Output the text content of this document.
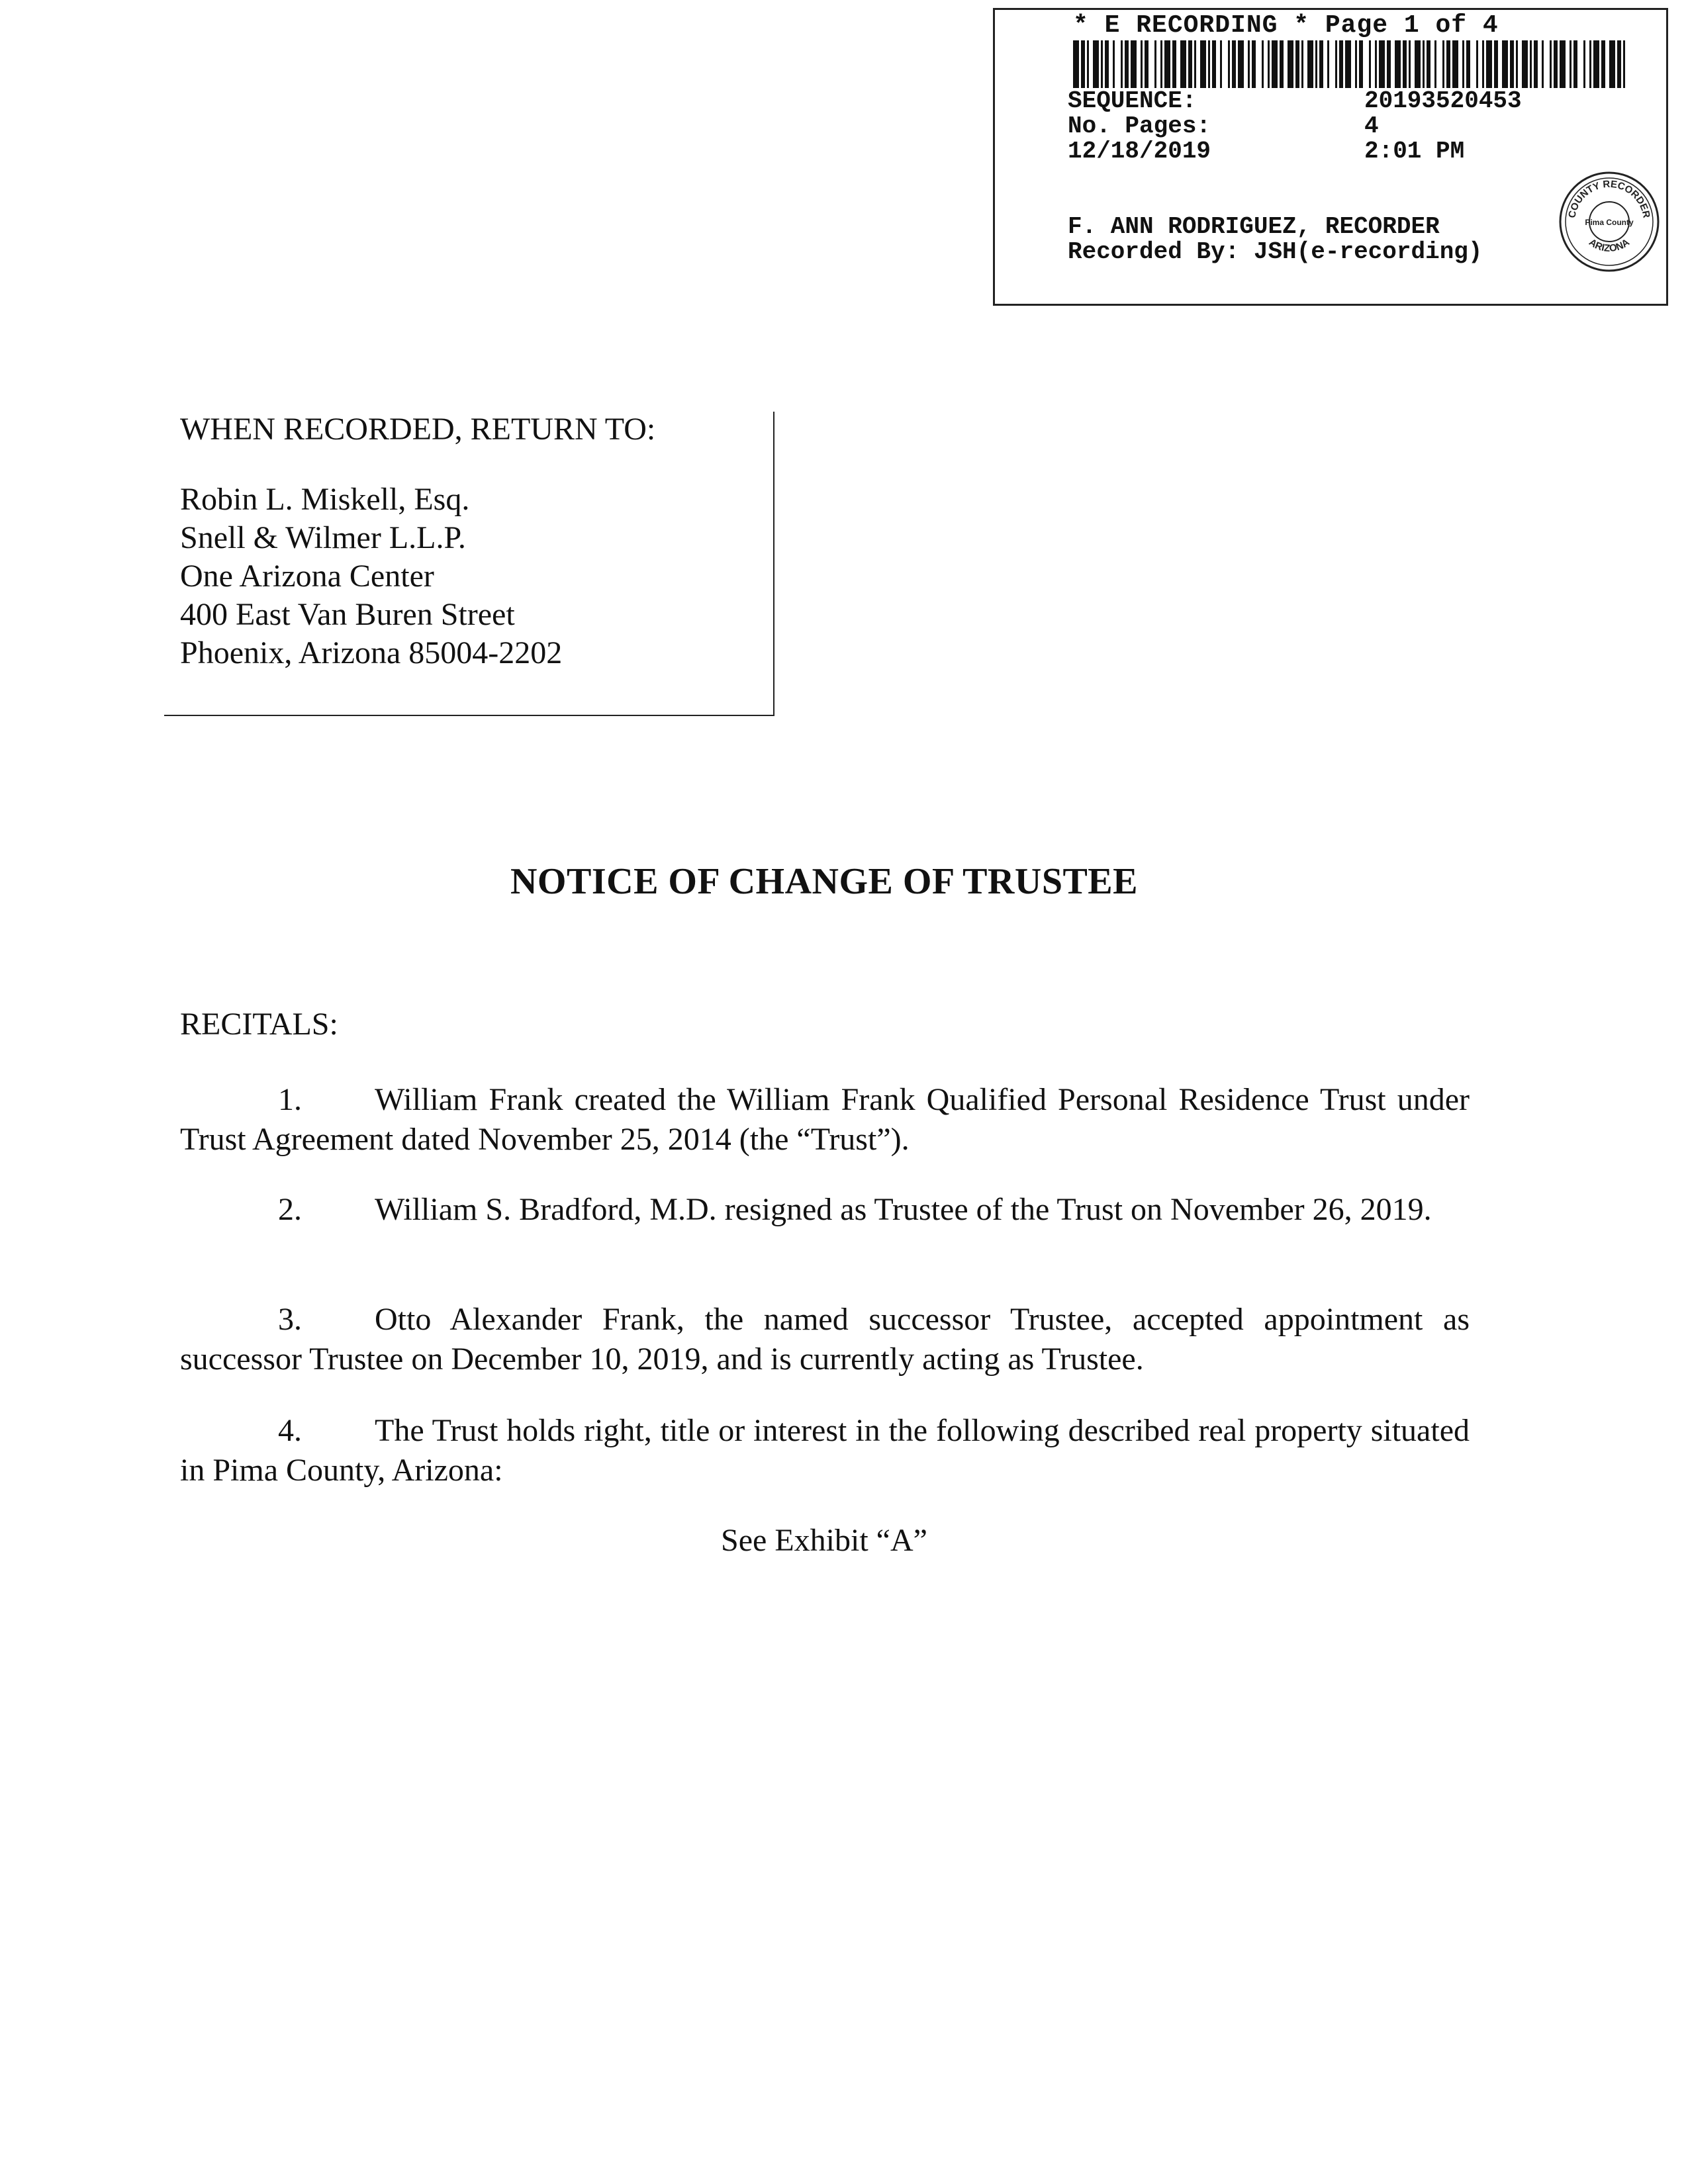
* E RECORDING * Page 1 of 4
SEQUENCE:	20193520453
No. Pages:	4
12/18/2019	2:01 PM
F. ANN RODRIGUEZ, RECORDER
Recorded By: JSH(e-recording)
COUNTY RECORDER
ARIZONA
Pima County
WHEN RECORDED, RETURN TO:
Robin L. Miskell, Esq.
Snell & Wilmer L.L.P.
One Arizona Center
400 East Van Buren Street
Phoenix, Arizona 85004-2202
NOTICE OF CHANGE OF TRUSTEE
RECITALS:
1. William Frank created the William Frank Qualified Personal Residence Trust under Trust Agreement dated November 25, 2014 (the “Trust”).
2. William S. Bradford, M.D. resigned as Trustee of the Trust on November 26, 2019.
3. Otto Alexander Frank, the named successor Trustee, accepted appointment as successor Trustee on December 10, 2019, and is currently acting as Trustee.
4. The Trust holds right, title or interest in the following described real property situated in Pima County, Arizona:
See Exhibit “A”
